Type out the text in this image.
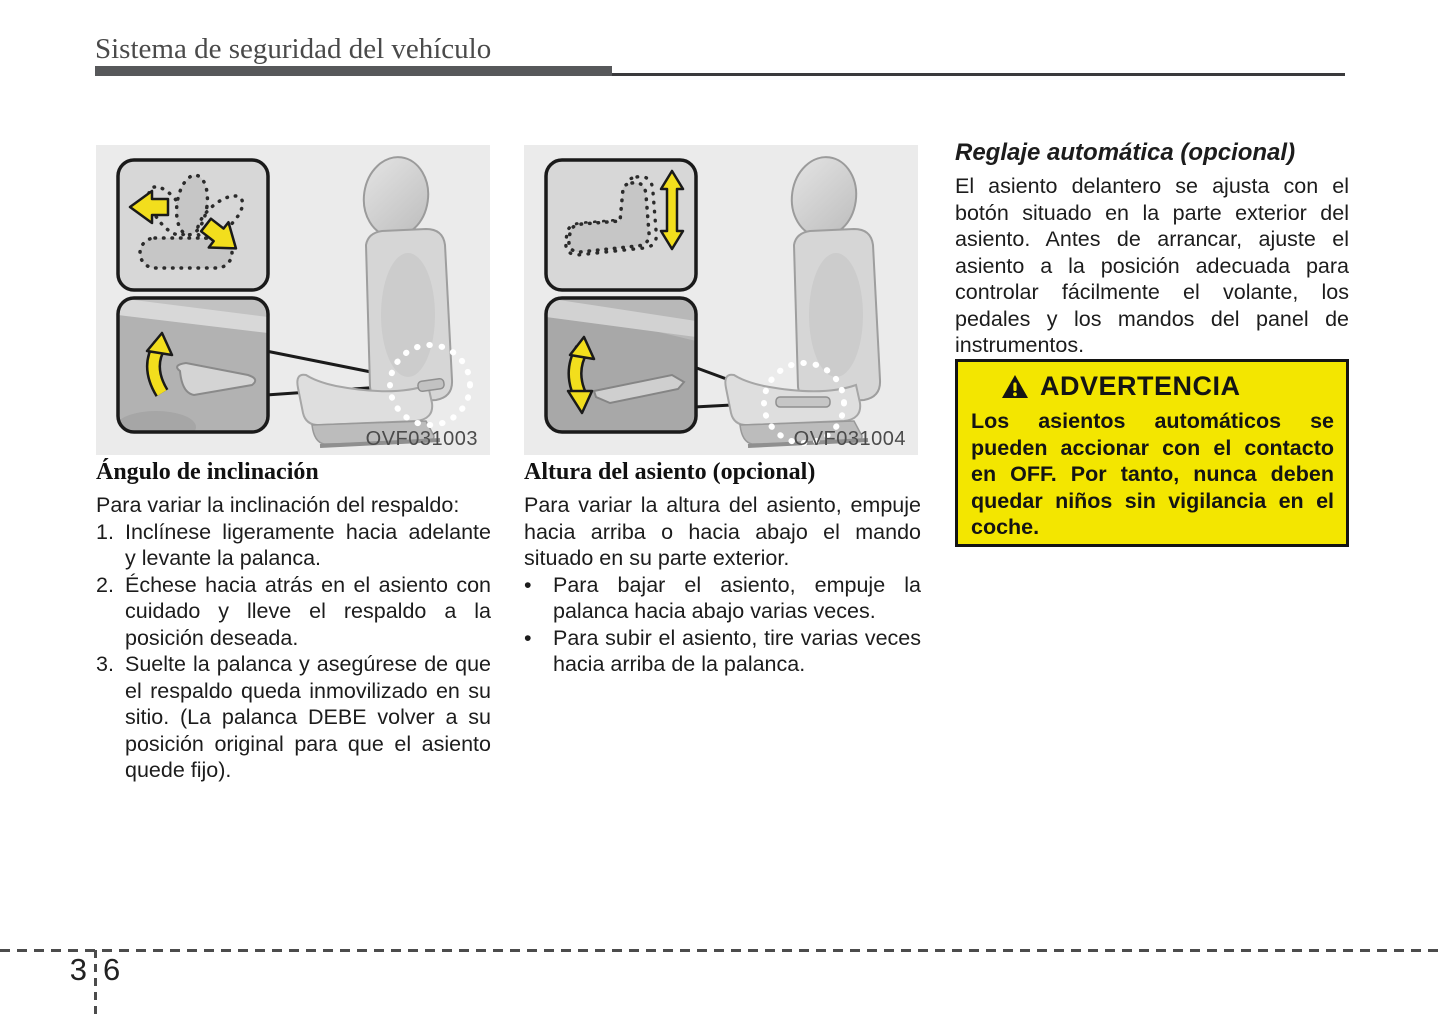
Sistema de seguridad del vehículo
OVF031003	OVF031004
Ángulo de inclinación

Para variar la inclinación del respaldo:

1. Inclínese ligeramente hacia adelante y levante la palanca.
2. Échese hacia atrás en el asiento con cuidado y lleve el respaldo a la posición deseada.
3. Suelte la palanca y asegúrese de que el respaldo queda inmovilizado en su sitio. (La palanca DEBE volver a su posición original para que el asiento quede fijo).
Altura del asiento (opcional)

Para variar la altura del asiento, empuje hacia arriba o hacia abajo el mando situado en su parte exterior.

• Para bajar el asiento, empuje la palanca hacia abajo varias veces.
• Para subir el asiento, tire varias veces hacia arriba de la palanca.
Reglaje automática (opcional)

El asiento delantero se ajusta con el botón situado en la parte exterior del asiento. Antes de arrancar, ajuste el asiento a la posición adecuada para controlar fácilmente el volante, los pedales y los mandos del panel de instrumentos.

ADVERTENCIA

Los asientos automáticos se pueden accionar con el contacto en OFF. Por tanto, nunca deben quedar niños sin vigilancia en el coche.

3 6
